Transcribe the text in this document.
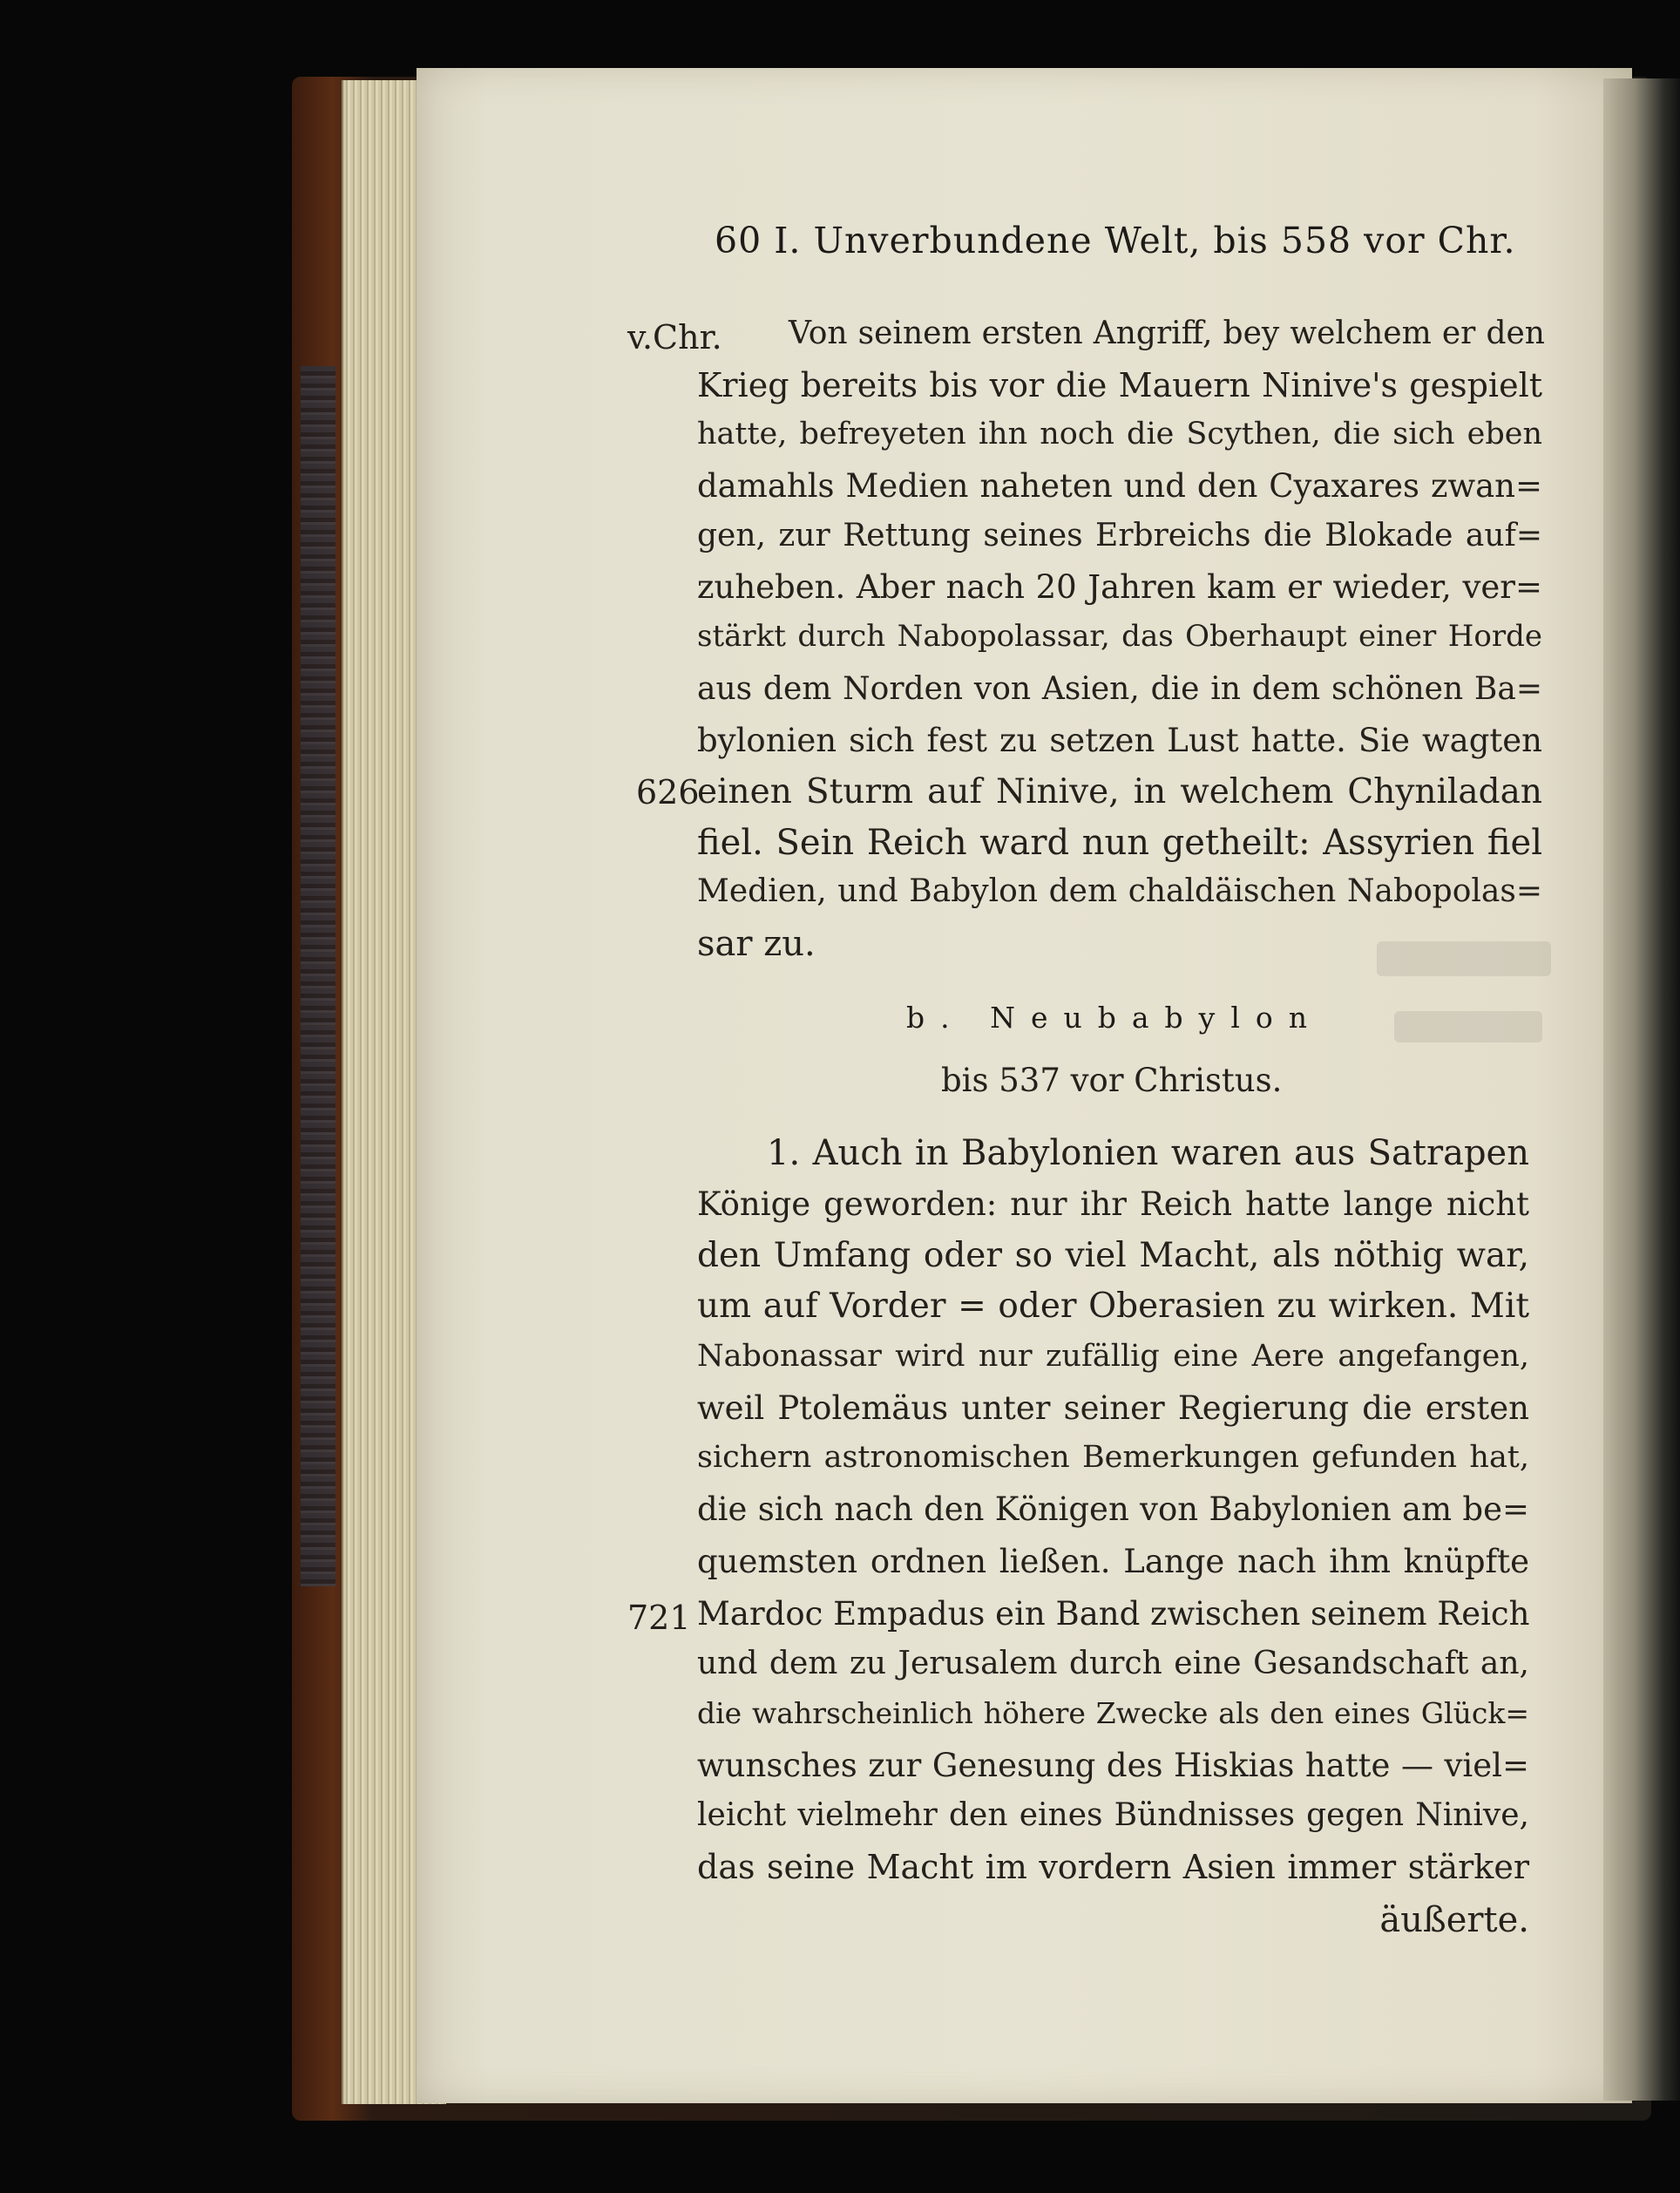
60 I. Unverbundene Welt, bis 558 vor Chr.
v.Chr.
626
721
Von seinem ersten Angriff, bey welchem er den
Krieg bereits bis vor die Mauern Ninive's gespielt
hatte, befreyeten ihn noch die Scythen, die sich eben
damahls Medien naheten und den Cyaxares zwan=
gen, zur Rettung seines Erbreichs die Blokade auf=
zuheben. Aber nach 20 Jahren kam er wieder, ver=
stärkt durch Nabopolassar, das Oberhaupt einer Horde
aus dem Norden von Asien, die in dem schönen Ba=
bylonien sich fest zu setzen Lust hatte. Sie wagten
einen Sturm auf Ninive, in welchem Chyniladan
fiel. Sein Reich ward nun getheilt: Assyrien fiel
Medien, und Babylon dem chaldäischen Nabopolas=
sar zu.
b. Neubabylon
bis 537 vor Christus.
1. Auch in Babylonien waren aus Satrapen
Könige geworden: nur ihr Reich hatte lange nicht
den Umfang oder so viel Macht, als nöthig war,
um auf Vorder = oder Oberasien zu wirken. Mit
Nabonassar wird nur zufällig eine Aere angefangen,
weil Ptolemäus unter seiner Regierung die ersten
sichern astronomischen Bemerkungen gefunden hat,
die sich nach den Königen von Babylonien am be=
quemsten ordnen ließen. Lange nach ihm knüpfte
Mardoc Empadus ein Band zwischen seinem Reich
und dem zu Jerusalem durch eine Gesandschaft an,
die wahrscheinlich höhere Zwecke als den eines Glück=
wunsches zur Genesung des Hiskias hatte — viel=
leicht vielmehr den eines Bündnisses gegen Ninive,
das seine Macht im vordern Asien immer stärker
äußerte.
